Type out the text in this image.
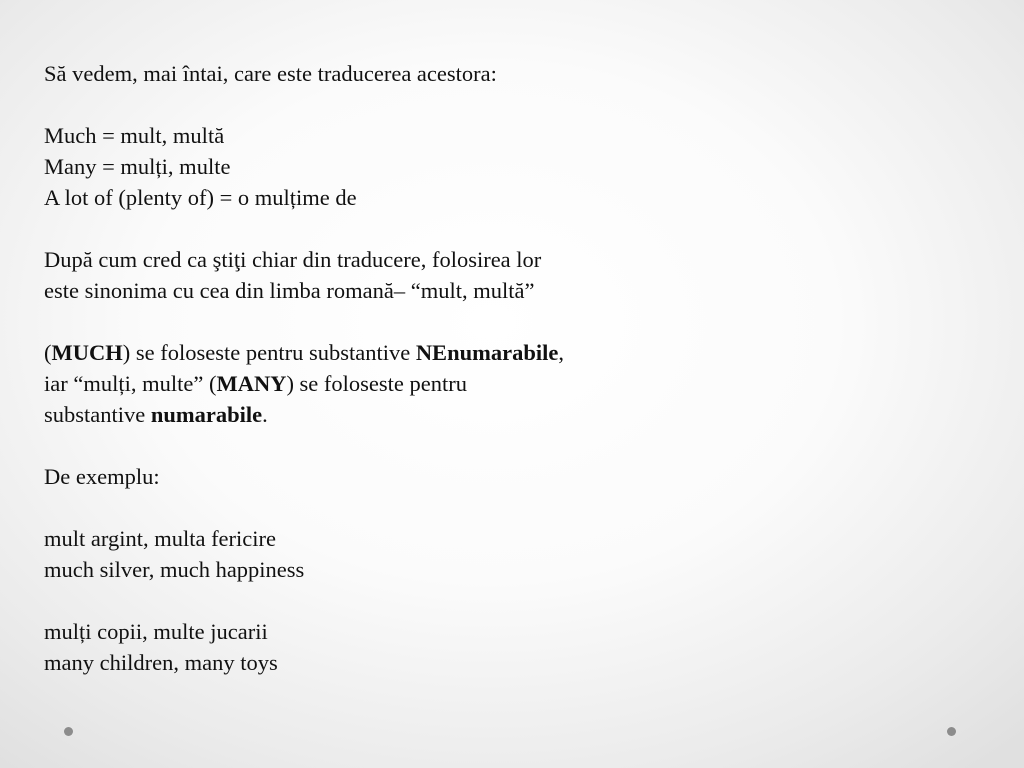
Să vedem, mai întai, care este traducerea acestora:
Much = mult, multă
Many = mulți, multe
A lot of (plenty of) = o mulțime de
După cum cred ca ştiţi chiar din traducere, folosirea lor
este sinonima cu cea din limba romană– “mult, multă”
(MUCH) se foloseste pentru substantive NEnumarabile,
iar “mulți, multe” (MANY) se foloseste pentru
substantive numarabile.
De exemplu:
mult argint, multa fericire
much silver, much happiness
mulți copii, multe jucarii
many children, many toys
